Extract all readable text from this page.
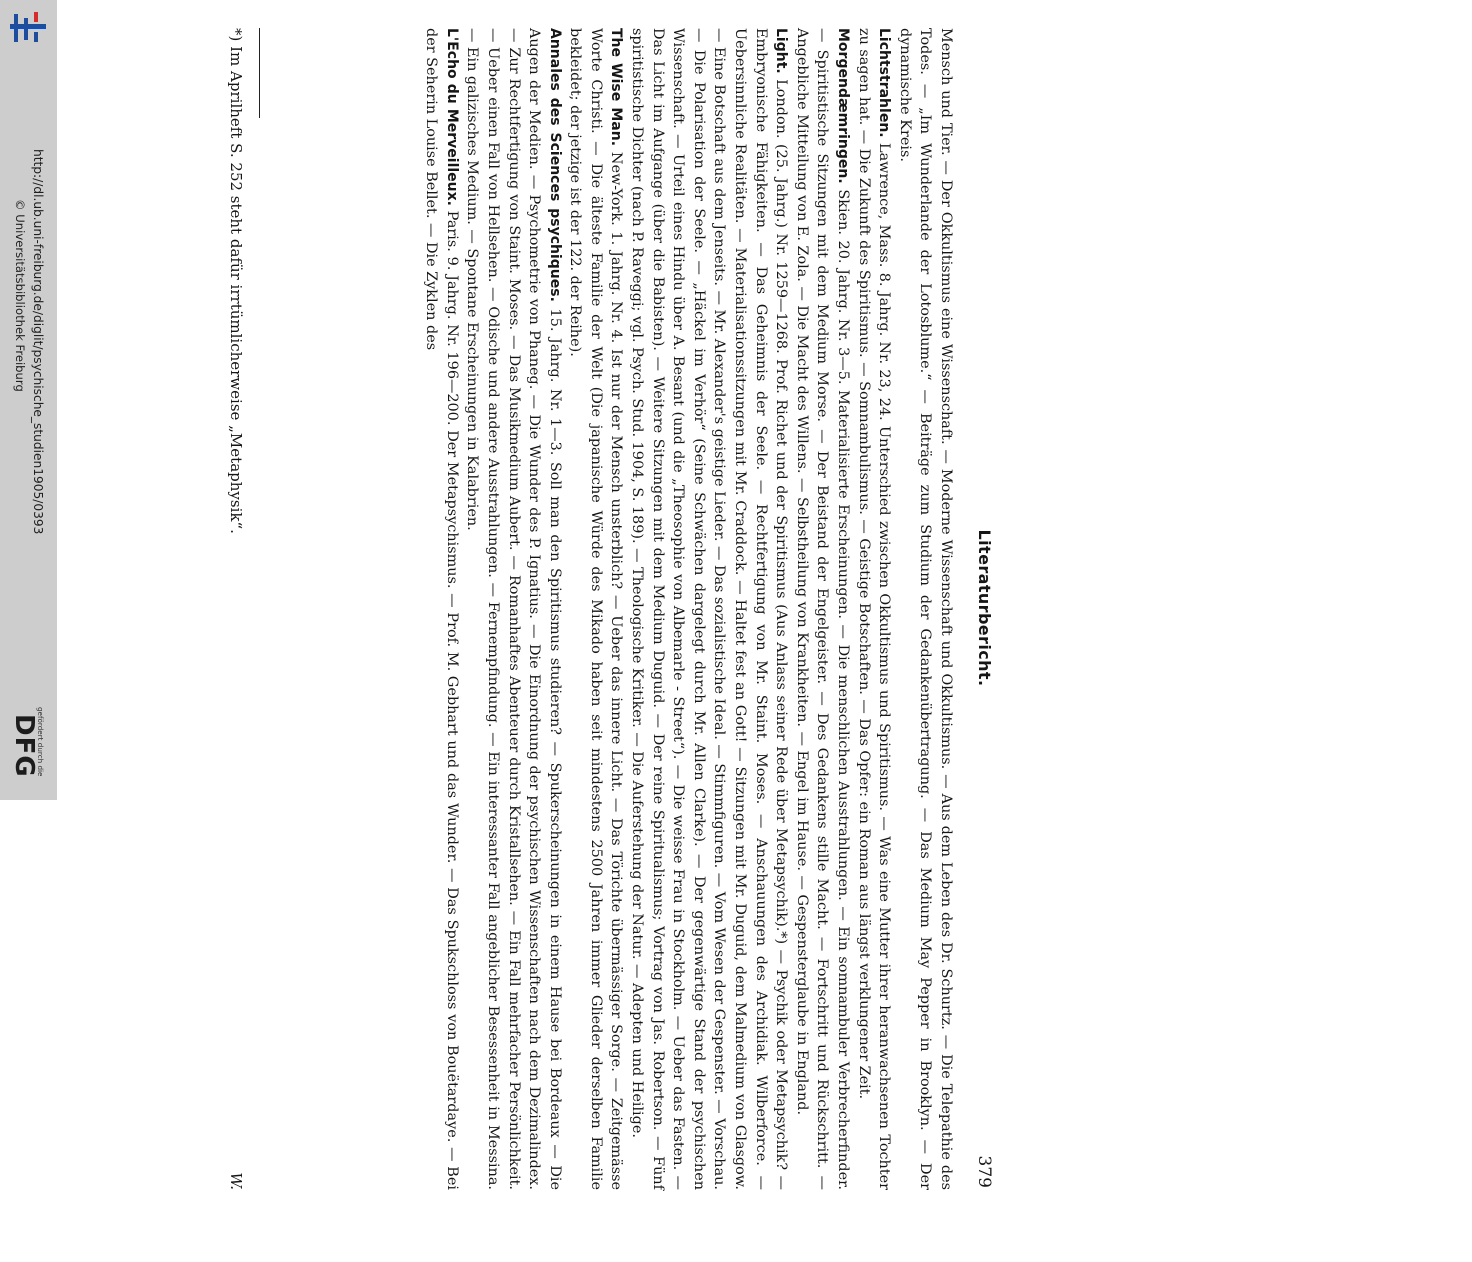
http://dl.ub.uni-freiburg.de/diglit/psychische_studien1905/0393
© Universitätsbibliothek Freiburg
DFG
gefördert durch die
Literaturbericht.
379

Mensch und Tier. — Der Okkultismus eine Wissenschaft. — Moderne Wissenschaft und Okkultismus. — Aus dem Leben des Dr. Schurtz. — Die Telepathie des Todes. — „Im Wunderlande der Lotosblume.“ — Beiträge zum Studium der Gedankenübertragung. — Das Medium May Pepper in Brooklyn. — Der dynamische Kreis.

Lichtstrahlen. Lawrence, Mass. 8. Jahrg. Nr. 23, 24. Unterschied zwischen Okkultismus und Spiritismus. — Was eine Mutter ihrer heranwachsenen Tochter zu sagen hat. — Die Zukunft des Spiritismus. — Somnambulismus. — Geistige Botschaften. — Das Opfer: ein Roman aus längst verklungener Zeit.

Morgendæmringen. Skien. 20. Jahrg. Nr. 3—5. Materialisierte Erscheinungen. — Die menschlichen Ausstrahlungen. — Ein somnambuler Verbrecherfinder. — Spiritistische Sitzungen mit dem Medium Morse. — Der Beistand der Engelgeister. — Des Gedankens stille Macht. — Fortschritt und Rückschritt. — Angebliche Mitteilung von E. Zola. — Die Macht des Willens. — Selbstheilung von Krankheiten. — Engel im Hause. — Gespensterglaube in England.

Light. London. (25. Jahrg.) Nr. 1259—1268. Prof. Richet und der Spiritismus (Aus Anlass seiner Rede über Metapsychik).*) — Psychik oder Metapsychik? — Embryonische Fähigkeiten. — Das Geheimnis der Seele. — Rechtfertigung von Mr. Staint. Moses. — Anschauungen des Archidiak. Wilberforce. — Uebersinnliche Realitäten. — Materialisationssitzungen mit Mr. Craddock. — Haltet fest an Gott! — Sitzungen mit Mr. Duguid, dem Malmedium von Glasgow. — Eine Botschaft aus dem Jenseits. — Mr. Alexander's geistige Lieder. — Das sozialistische Ideal. — Stimmfiguren. — Vom Wesen der Gespenster. — Vorschau. — Die Polarisation der Seele. — „Häckel im Verhör“ (Seine Schwächen dargelegt durch Mr. Allen Clarke). — Der gegenwärtige Stand der psychischen Wissenschaft. — Urteil eines Hindu über A. Besant (und die „Theosophie von Albemarle - Street“). — Die weisse Frau in Stockholm. — Ueber das Fasten. — Das Licht im Aufgange (über die Babisten). — Weitere Sitzungen mit dem Medium Duguid. — Der reine Spiritualismus; Vortrag von Jas. Robertson. — Fünf spiritistische Dichter (nach P. Raveggi; vgl. Psych. Stud. 1904, S. 189). — Theologische Kritiker. — Die Auferstehung der Natur. — Adepten und Heilige.

The Wise Man. New-York. 1. Jahrg. Nr. 4. Ist nur der Mensch unsterblich? — Ueber das innere Licht. — Das Törichte übermässiger Sorge. — Zeitgemässe Worte Christi. — Die älteste Familie der Welt (Die japanische Würde des Mikado haben seit mindestens 2500 Jahren immer Glieder derselben Familie bekleidet; der jetzige ist der 122. der Reihe).

Annales des Sciences psychiques. 15. Jahrg. Nr. 1—3. Soll man den Spiritismus studieren? — Spukerscheinungen in einem Hause bei Bordeaux — Die Augen der Medien. — Psychometrie von Phaneg. — Die Wunder des P. Ignatius. — Die Einordnung der psychischen Wissenschaften nach dem Dezimalindex. — Zur Rechtfertigung von Staint. Moses. — Das Musikmedium Aubert. — Romanhaftes Abenteuer durch Kristallsehen. — Ein Fall mehrfacher Persönlichkeit. — Ueber einen Fall von Hellsehen. — Odische und andere Ausstrahlungen. — Fernempfindung. — Ein interessanter Fall angeblicher Besessenheit in Messina. — Ein galizisches Medium. — Spontane Erscheinungen in Kalabrien.

L'Echo du Merveilleux. Paris. 9. Jahrg. Nr. 196—200. Der Metapsychismus. — Prof. M. Gebhart und das Wunder. — Das Spukschloss von Bouëtardaye. — Bei der Seherin Louise Bellet. — Die Zyklen des

*) Im Aprilheft S. 252 steht dafür irrtümlicherweise „Metaphysik“.
W.
